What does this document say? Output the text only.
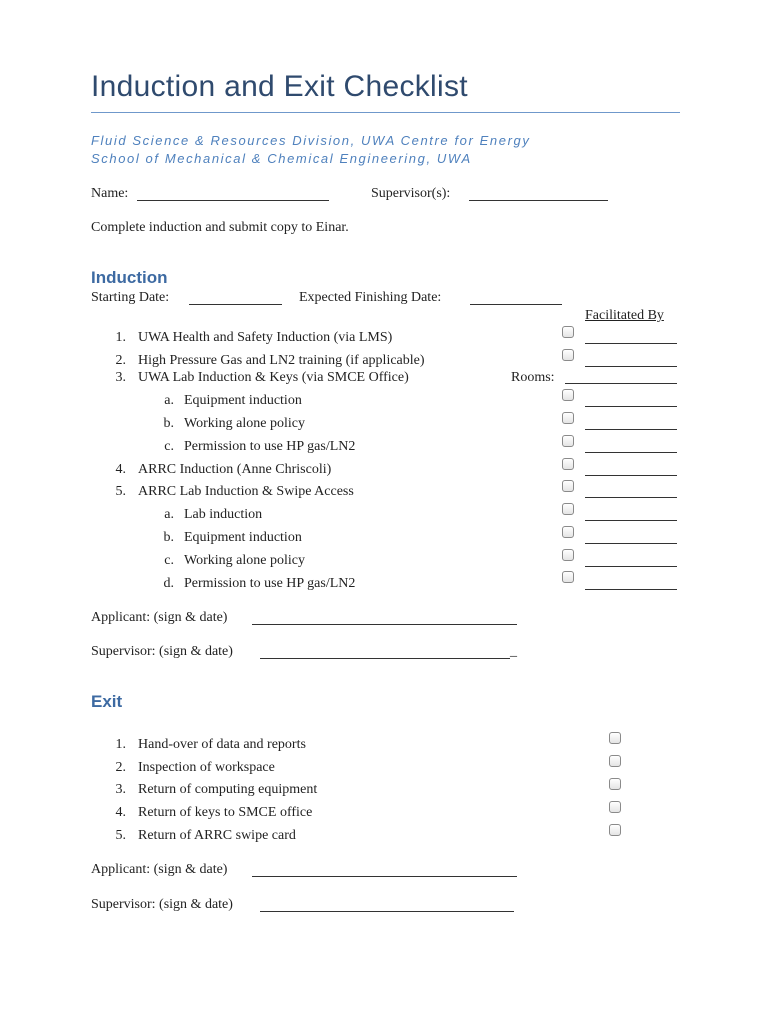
Induction and Exit Checklist
Fluid Science & Resources Division, UWA Centre for Energy
School of Mechanical & Chemical Engineering, UWA
Name:	Supervisor(s):
Complete induction and submit copy to Einar.
Induction
Starting Date:	Expected Finishing Date:
Facilitated By
1. UWA Health and Safety Induction (via LMS)
2. High Pressure Gas and LN2 training (if applicable)
3. UWA Lab Induction & Keys (via SMCE Office)
a. Equipment induction
b. Working alone policy
c. Permission to use HP gas/LN2
4. ARRC Induction (Anne Chriscoli)
5. ARRC Lab Induction & Swipe Access
a. Lab induction
b. Equipment induction
c. Working alone policy
d. Permission to use HP gas/LN2
Rooms:
Applicant: (sign & date)
Supervisor: (sign & date)	_
Exit
1. Hand-over of data and reports
2. Inspection of workspace
3. Return of computing equipment
4. Return of keys to SMCE office
5. Return of ARRC swipe card
Applicant: (sign & date)
Supervisor: (sign & date)
